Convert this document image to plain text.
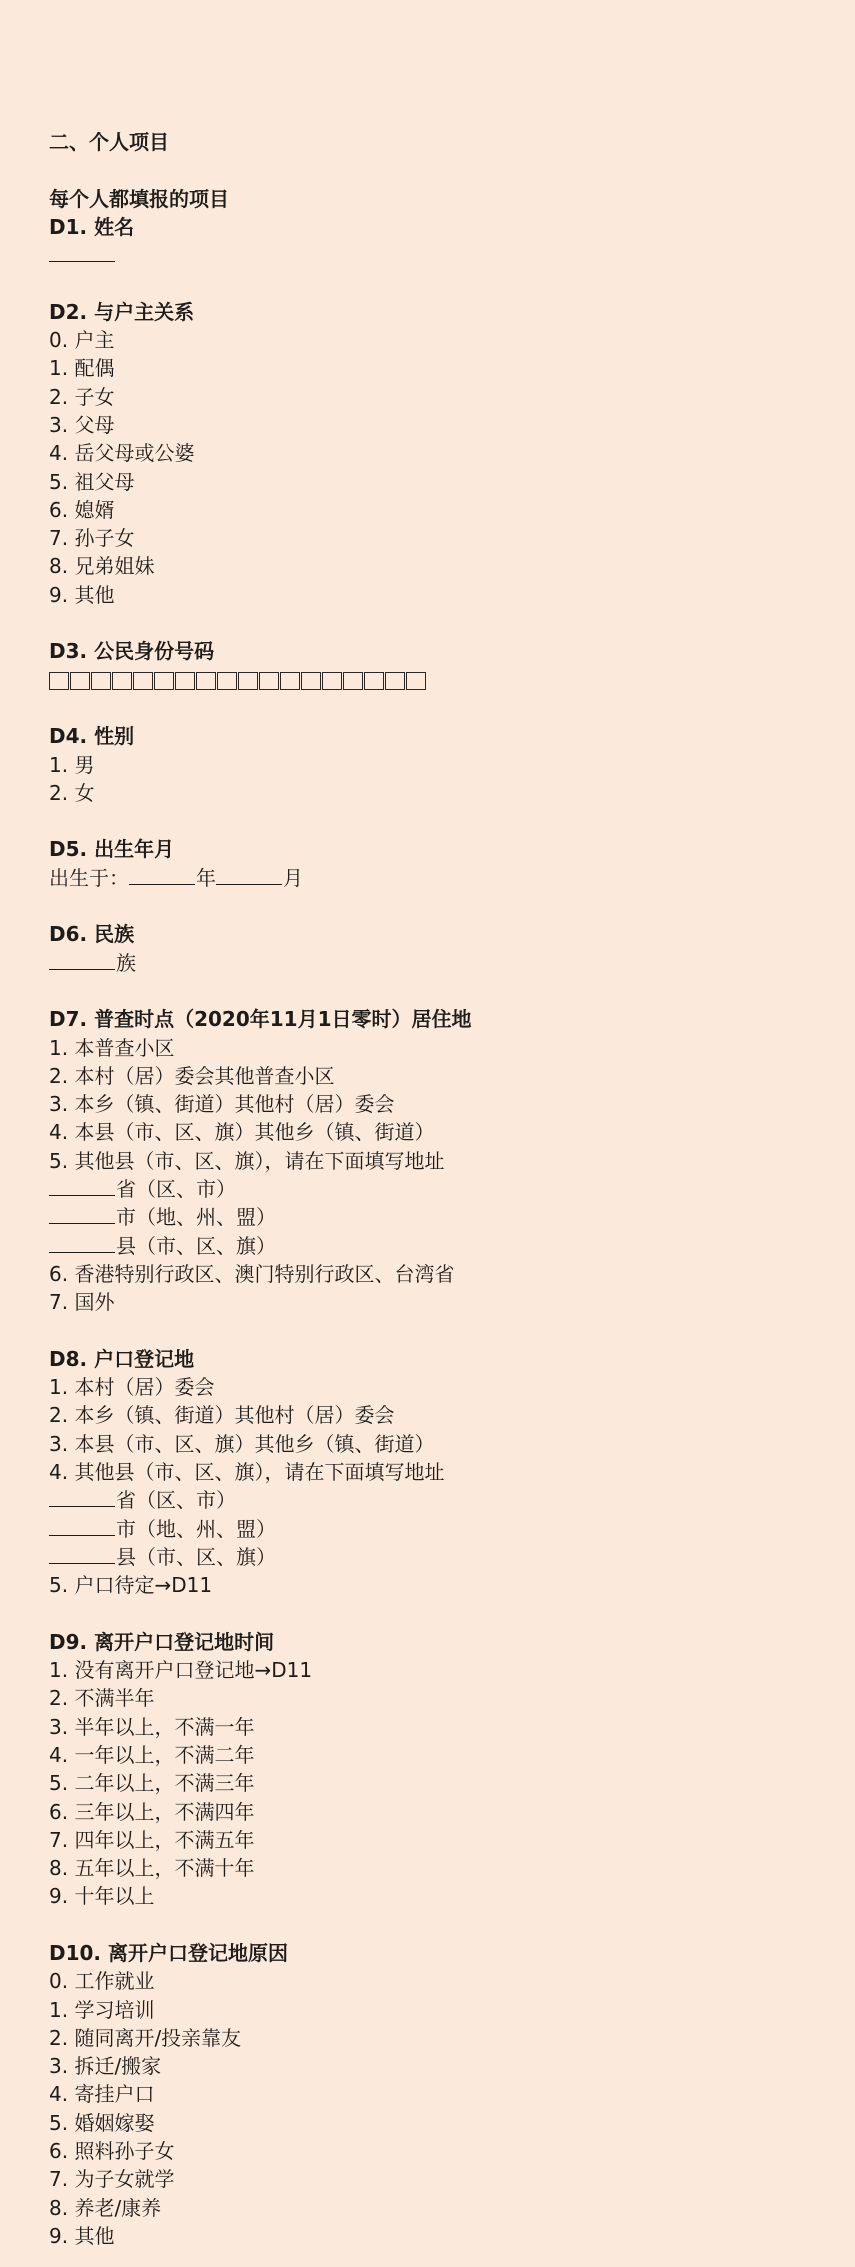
二、个人项目
每个人都填报的项目
D1. 姓名
D2. 与户主关系
0. 户主
1. 配偶
2. 子女
3. 父母
4. 岳父母或公婆
5. 祖父母
6. 媳婿
7. 孙子女
8. 兄弟姐妹
9. 其他
D3. 公民身份号码
D4. 性别
1. 男
2. 女
D5. 出生年月
出生于：	年	月
D6. 民族
族
D7. 普查时点（2020年11月1日零时）居住地
1. 本普查小区
2. 本村（居）委会其他普查小区
3. 本乡（镇、街道）其他村（居）委会
4. 本县（市、区、旗）其他乡（镇、街道）
5. 其他县（市、区、旗），请在下面填写地址
省（区、市）
市（地、州、盟）
县（市、区、旗）
6. 香港特别行政区、澳门特别行政区、台湾省
7. 国外
D8. 户口登记地
1. 本村（居）委会
2. 本乡（镇、街道）其他村（居）委会
3. 本县（市、区、旗）其他乡（镇、街道）
4. 其他县（市、区、旗），请在下面填写地址
省（区、市）
市（地、州、盟）
县（市、区、旗）
5. 户口待定→D11
D9. 离开户口登记地时间
1. 没有离开户口登记地→D11
2. 不满半年
3. 半年以上，不满一年
4. 一年以上，不满二年
5. 二年以上，不满三年
6. 三年以上，不满四年
7. 四年以上，不满五年
8. 五年以上，不满十年
9. 十年以上
D10. 离开户口登记地原因
0. 工作就业
1. 学习培训
2. 随同离开/投亲靠友
3. 拆迁/搬家
4. 寄挂户口
5. 婚姻嫁娶
6. 照料孙子女
7. 为子女就学
8. 养老/康养
9. 其他
